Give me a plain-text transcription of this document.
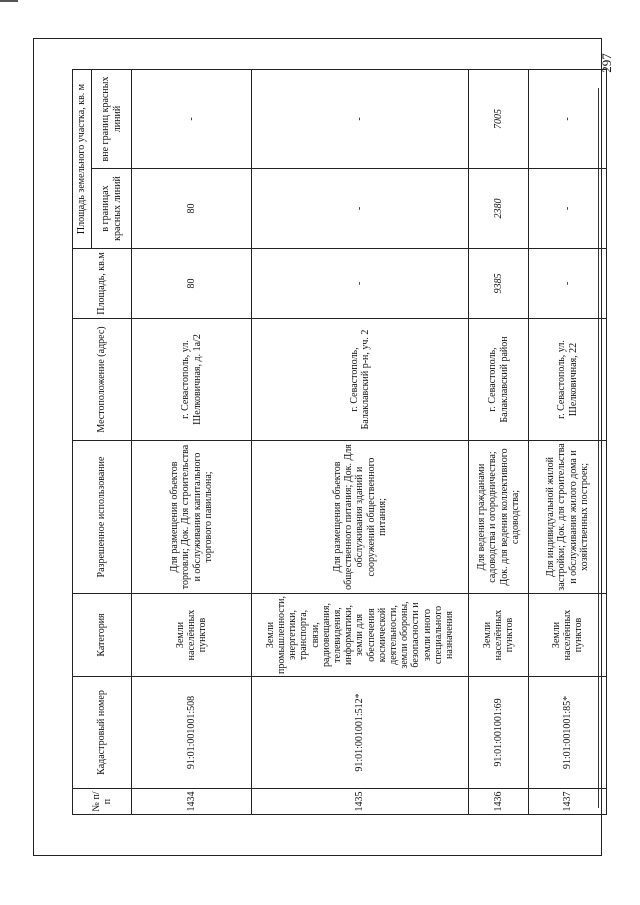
297
№ п/п	Кадастровый номер	Категория	Разрешенное использование	Местоположение (адрес)	Площадь, кв.м	Площадь земельного участка, кв. м	
						в границах красных линий	вне границ красных линий
1434	91:01:001001:508	Земли населённых пунктов	Для размещения объектов торговли; Док. Для строительства и обслуживания капитального торгового павильона;	г. Севастополь, ул. Шелковичная, д. 1а/2	80	80	-
1435	91:01:001001:512*	Земли промышленности, энергетики, транспорта, связи, радиовещания, телевидения, информатики, земли для обеспечения космической деятельности, земли обороны, безопасности и земли иного специального назначения	Для размещения объектов общественного питания; Док. Для обслуживания зданий и сооружений общественного питания;	г. Севастополь, Балаклавский р-н, уч. 2	-	-	-
1436	91:01:001001:69	Земли населённых пунктов	Для ведения гражданами садоводства и огородничества; Док. для ведения коллективного садоводства;	г. Севастополь, Балаклавский район	9385	2380	7005
1437	91:01:001001:85*	Земли населённых пунктов	Для индивидуальной жилой застройки; Док. для строительства и обслуживания жилого дома и хозяйственных построек;	г. Севастополь, ул. Шелковичная, 22	-	-	-
